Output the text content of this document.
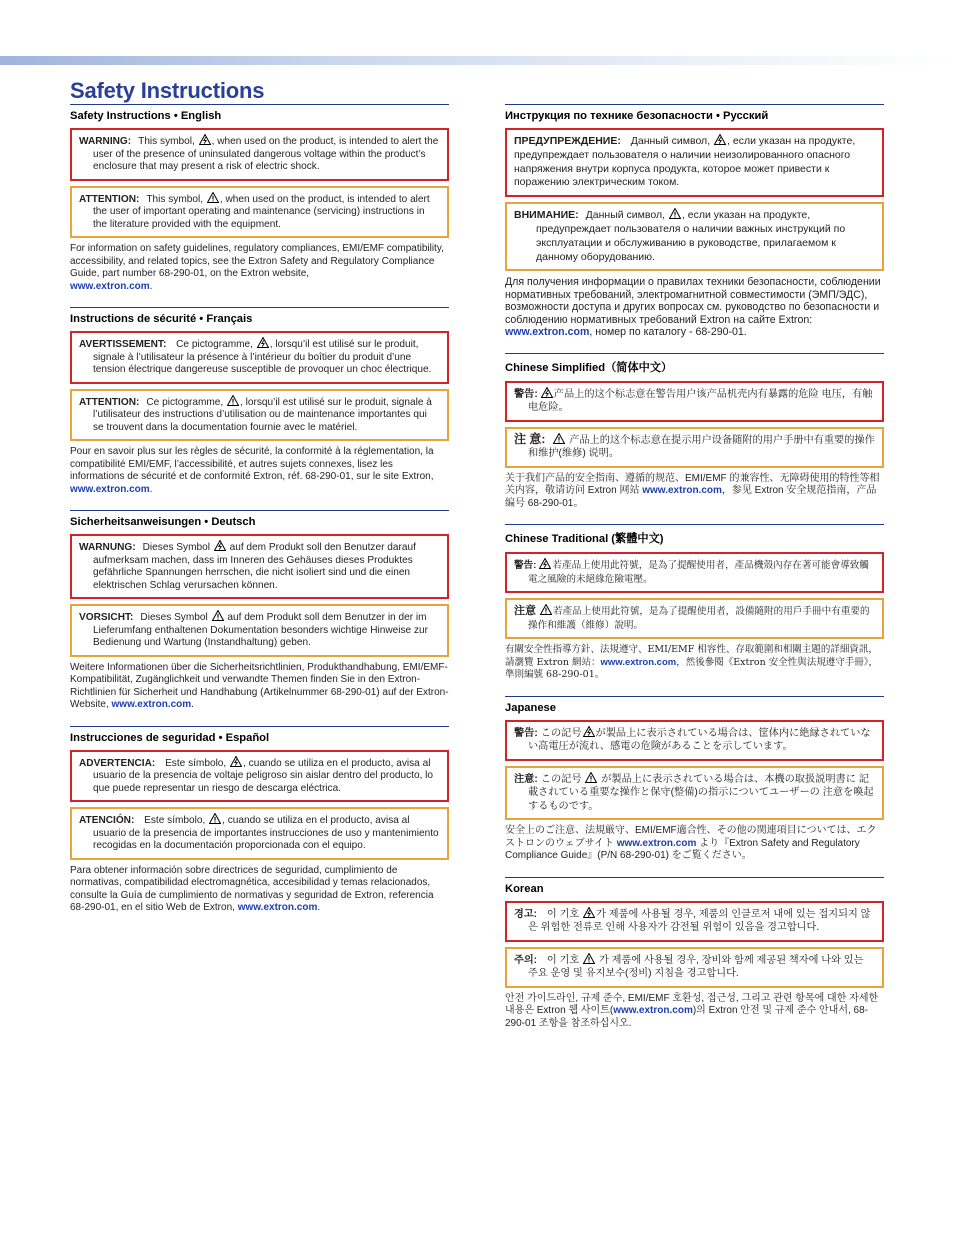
Safety Instructions
Safety Instructions • English
WARNING: This symbol, , when used on the product, is intended to alert the user of the presence of uninsulated dangerous voltage within the product’s enclosure that may present a risk of electric shock.
ATTENTION: This symbol, , when used on the product, is intended to alert the user of important operating and maintenance (servicing) instructions in the literature provided with the equipment.

For information on safety guidelines, regulatory compliances, EMI/EMF compatibility, accessibility, and related topics, see the Extron Safety and Regulatory Compliance Guide, part number 68-290-01, on the Extron website,
www.extron.com.

Instructions de sécurité • Français
AVERTISSEMENT: Ce pictogramme, , lorsqu’il est utilisé sur le produit, signale à l’utilisateur la présence à l’intérieur du boîtier du produit d’une tension électrique dangereuse susceptible de provoquer un choc électrique.
ATTENTION: Ce pictogramme, , lorsqu’il est utilisé sur le produit, signale à l’utilisateur des instructions d’utilisation ou de maintenance importantes qui se trouvent dans la documentation fournie avec le matériel.

Pour en savoir plus sur les règles de sécurité, la conformité à la réglementation, la compatibilité EMI/EMF, l’accessibilité, et autres sujets connexes, lisez les informations de sécurité et de conformité Extron, réf. 68-290-01, sur le site Extron, www.extron.com.

Sicherheitsanweisungen • Deutsch
WARNUNG: Dieses Symbol auf dem Produkt soll den Benutzer darauf aufmerksam machen, dass im Inneren des Gehäuses dieses Produktes gefährliche Spannungen herrschen, die nicht isoliert sind und die einen elektrischen Schlag verursachen können.
VORSICHT: Dieses Symbol auf dem Produkt soll dem Benutzer in der im Lieferumfang enthaltenen Dokumentation besonders wichtige Hinweise zur Bedienung und Wartung (Instandhaltung) geben.

Weitere Informationen über die Sicherheitsrichtlinien, Produkthandhabung, EMI/EMF-Kompatibilität, Zugänglichkeit und verwandte Themen finden Sie in den Extron-Richtlinien für Sicherheit und Handhabung (Artikelnummer 68-290-01) auf der Extron-Website, www.extron.com.

Instrucciones de seguridad • Español
ADVERTENCIA: Este símbolo, , cuando se utiliza en el producto, avisa al usuario de la presencia de voltaje peligroso sin aislar dentro del producto, lo que puede representar un riesgo de descarga eléctrica.
ATENCIÓN: Este símbolo, , cuando se utiliza en el producto, avisa al usuario de la presencia de importantes instrucciones de uso y mantenimiento recogidas en la documentación proporcionada con el equipo.

Para obtener información sobre directrices de seguridad, cumplimiento de normativas, compatibilidad electromagnética, accesibilidad y temas relacionados, consulte la Guía de cumplimiento de normativas y seguridad de Extron, referencia 68-290-01, en el sitio Web de Extron, www.extron.com.

Инструкция по технике безопасности • Русский
ПРЕДУПРЕЖДЕНИЕ: Данный символ, , если указан на продукте, предупреждает пользователя о наличии неизолированного опасного напряжения внутри корпуса продукта, которое может привести к поражению электрическим током.
ВНИМАНИЕ: Данный символ, , если указан на продукте, предупреждает пользователя о наличии важных инструкций по эксплуатации и обслуживанию в руководстве, прилагаемом к данному оборудованию.

Для получения информации о правилах техники безопасности, соблюдении нормативных требований, электромагнитной совместимости (ЭМП/ЭДС), возможности доступа и других вопросах см. руководство по безопасности и соблюдению нормативных требований Extron на сайте Extron: www.extron.com, номер по каталогу - 68-290-01.

Chinese Simplified（简体中文）
警告: 产品上的这个标志意在警告用户该产品机壳内有暴露的危险 电压，有触电危险。
注 意: 产品上的这个标志意在提示用户设备随附的用户手册中有重要的操作和维护(维修) 说明。

关于我们产品的安全指南、遵循的规范、EMI/EMF 的兼容性、无障碍使用的特性等相关内容，敬请访问 Extron 网站 www.extron.com，参见 Extron 安全规范指南，产品编号 68-290-01。

Chinese Traditional (繁體中文)
警告: 若產品上使用此符號，是為了提醒使用者，產品機殼內存在著可能會導致觸電之風險的未絕緣危險電壓。
注意 若產品上使用此符號，是為了提醒使用者，設備隨附的用戶手冊中有重要的操作和維護（維修）說明。

有關安全性指導方針、法規遵守、EMI/EMF 相容性、存取範圍和相關主題的詳細資訊，請瀏覽 Extron 網站：www.extron.com，然後參閱《Extron 安全性與法規遵守手冊》，準則編號 68-290-01。

Japanese
警告: この記号 が製品上に表示されている場合は、筐体内に絶縁されていない高電圧が流れ、感電の危険があることを示しています。
注意: この記号 が製品上に表示されている場合は、本機の取扱説明書に 記載されている重要な操作と保守(整備)の指示についてユーザーの 注意を喚起するものです。

安全上のご注意、法規厳守、EMI/EMF適合性、その他の関連項目については、エクストロンのウェブサイト www.extron.com より『Extron Safety and Regulatory Compliance Guide』(P/N 68-290-01) をご覧ください。

Korean
경고: 이 기호 가 제품에 사용될 경우, 제품의 인클로저 내에 있는 접지되지 않은 위험한 전류로 인해 사용자가 감전될 위험이 있음을 경고합니다.
주의: 이 기호 가 제품에 사용될 경우, 장비와 함께 제공된 책자에 나와 있는 주요 운영 및 유지보수(정비) 지침을 경고합니다.

안전 가이드라인, 규제 준수, EMI/EMF 호환성, 접근성, 그리고 관련 항목에 대한 자세한 내용은 Extron 웹 사이트(www.extron.com)의 Extron 안전 및 규제 준수 안내서, 68-290-01 조항을 참조하십시오.
